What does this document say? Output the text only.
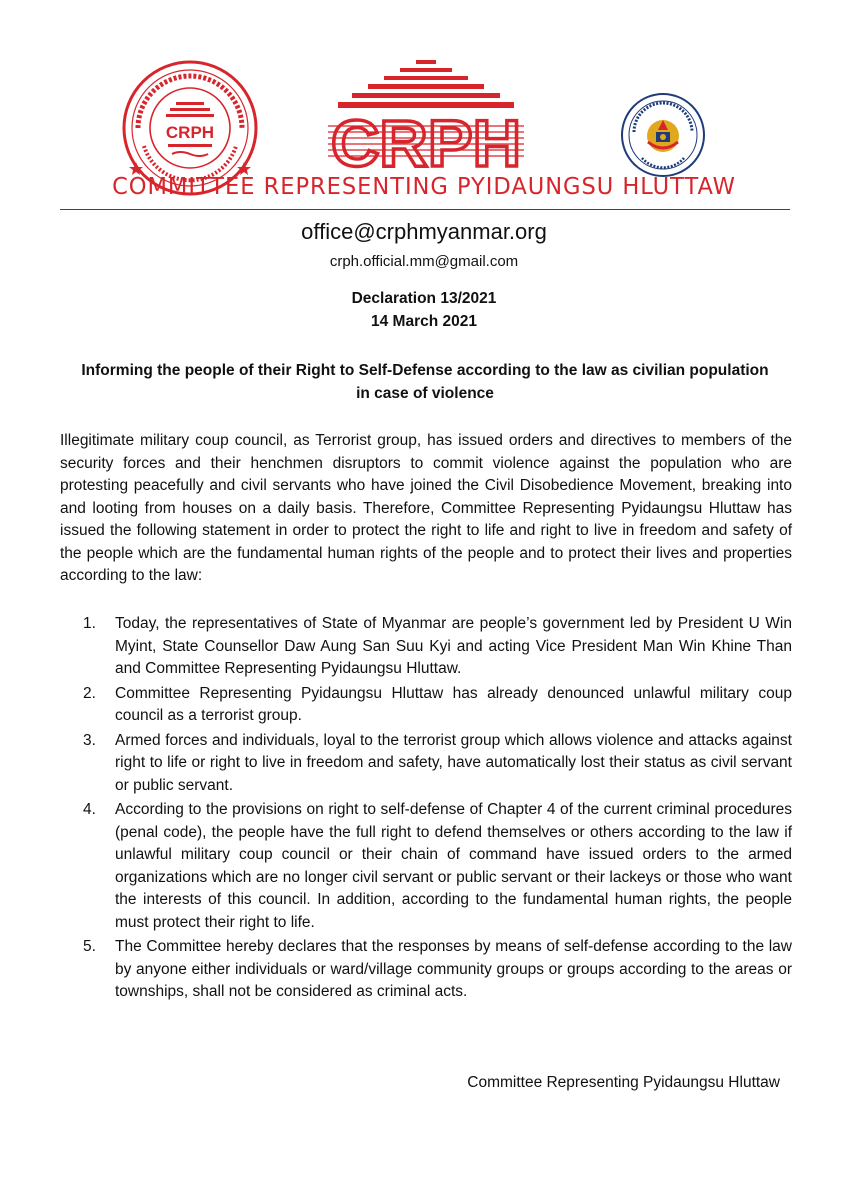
CRPH CRPH
COMMITTEE REPRESENTING PYIDAUNGSU HLUTTAW
office@crphmyanmar.org
crph.official.mm@gmail.com
Declaration 13/2021
14 March 2021
Informing the people of their Right to Self-Defense according to the law as civilian population in case of violence

Illegitimate military coup council, as Terrorist group, has issued orders and directives to members of the security forces and their henchmen disruptors to commit violence against the population who are protesting peacefully and civil servants who have joined the Civil Disobedience Movement, breaking into and looting from houses on a daily basis. Therefore, Committee Representing Pyidaungsu Hluttaw has issued the following statement in order to protect the right to life and right to live in freedom and safety of the people which are the fundamental human rights of the people and to protect their lives and properties according to the law:

1. Today, the representatives of State of Myanmar are people’s government led by President U Win Myint, State Counsellor Daw Aung San Suu Kyi and acting Vice President Man Win Khine Than and Committee Representing Pyidaungsu Hluttaw.
2. Committee Representing Pyidaungsu Hluttaw has already denounced unlawful military coup council as a terrorist group.
3. Armed forces and individuals, loyal to the terrorist group which allows violence and attacks against right to life or right to live in freedom and safety, have automatically lost their status as civil servant or public servant.
4. According to the provisions on right to self-defense of Chapter 4 of the current criminal procedures (penal code), the people have the full right to defend themselves or others according to the law if unlawful military coup council or their chain of command have issued orders to the armed organizations which are no longer civil servant or public servant or their lackeys or those who want the interests of this council. In addition, according to the fundamental human rights, the people must protect their right to life.
5. The Committee hereby declares that the responses by means of self-defense according to the law by anyone either individuals or ward/village community groups or groups according to the areas or townships, shall not be considered as criminal acts.
Committee Representing Pyidaungsu Hluttaw
